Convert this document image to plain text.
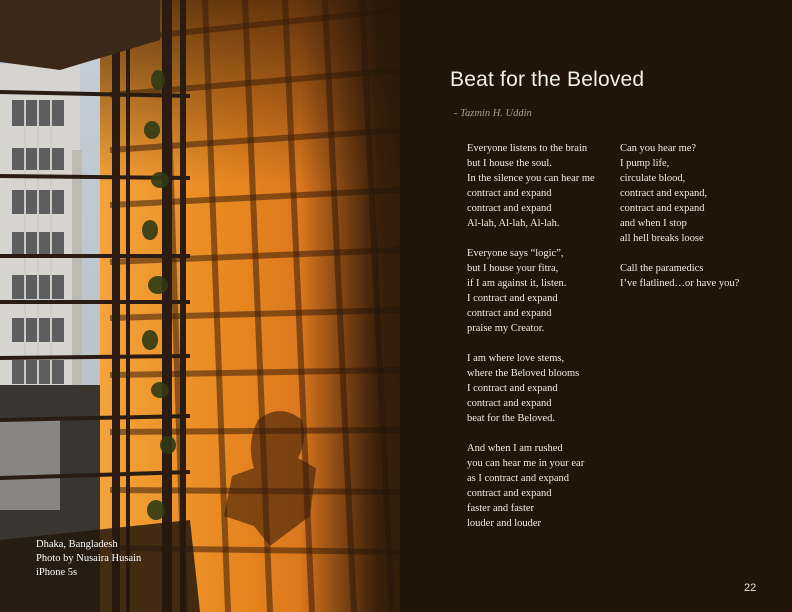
Beat for the Beloved
- Tazmin H. Uddin
Everyone listens to the brain
but I house the soul.
In the silence you can hear me
contract and expand
contract and expand
Al-lah, Al-lah, Al-lah.
Everyone says “logic”,
but I house your fitra,
if I am against it, listen.
I contract and expand
contract and expand
praise my Creator.
I am where love stems,
where the Beloved blooms
I contract and expand
contract and expand
beat for the Beloved.
And when I am rushed
you can hear me in your ear
as I contract and expand
contract and expand
faster and faster
louder and louder
Can you hear me?
I pump life,
circulate blood,
contract and expand,
contract and expand
and when I stop
all hell breaks loose
Call the paramedics
I’ve flatlined…or have you?
Dhaka, Bangladesh
Photo by Nusaira Husain
iPhone 5s
22
